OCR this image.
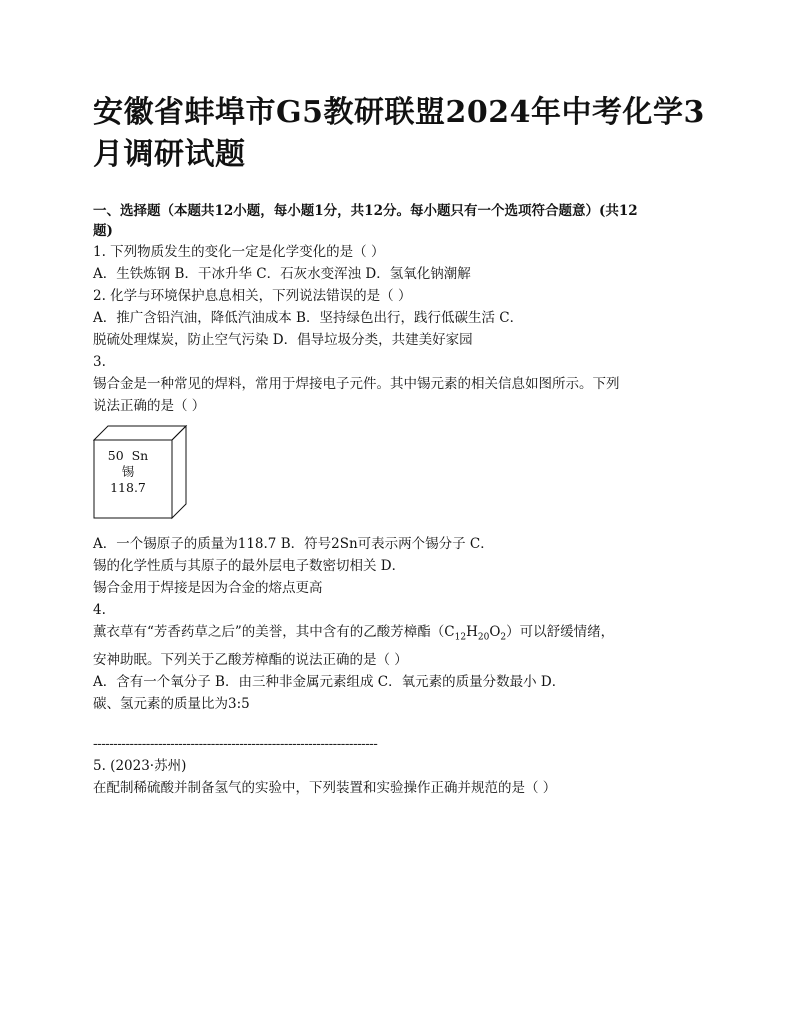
安徽省蚌埠市G5教研联盟2024年中考化学3
月调研试题
一、选择题（本题共12小题，每小题1分，共12分。每小题只有一个选项符合题意）(共12
题)
1. 下列物质发生的变化一定是化学变化的是（ ）
A．生铁炼钢 B．干冰升华 C．石灰水变浑浊 D．氢氧化钠潮解
2. 化学与环境保护息息相关，下列说法错误的是（ ）
A．推广含铅汽油，降低汽油成本 B．坚持绿色出行，践行低碳生活 C．
脱硫处理煤炭，防止空气污染 D．倡导垃圾分类，共建美好家园
3.
锡合金是一种常见的焊料，常用于焊接电子元件。其中锡元素的相关信息如图所示。下列
说法正确的是（ ）
50 Sn
锡
118.7
A．一个锡原子的质量为118.7 B．符号2Sn可表示两个锡分子 C．
锡的化学性质与其原子的最外层电子数密切相关 D．
锡合金用于焊接是因为合金的熔点更高
4.
薰衣草有“芳香药草之后”的美誉，其中含有的乙酸芳樟酯$(C_{12}H_{20}O_2)$可以舒缓情绪，
安神助眠。下列关于乙酸芳樟酯的说法正确的是（ ）
A．含有一个氧分子 B．由三种非金属元素组成 C．氧元素的质量分数最小 D．
碳、氢元素的质量比为3:5
----------------------------------------------------------------------
5. (2023·苏州)
在配制稀硫酸并制备氢气的实验中，下列装置和实验操作正确并规范的是（ ）
